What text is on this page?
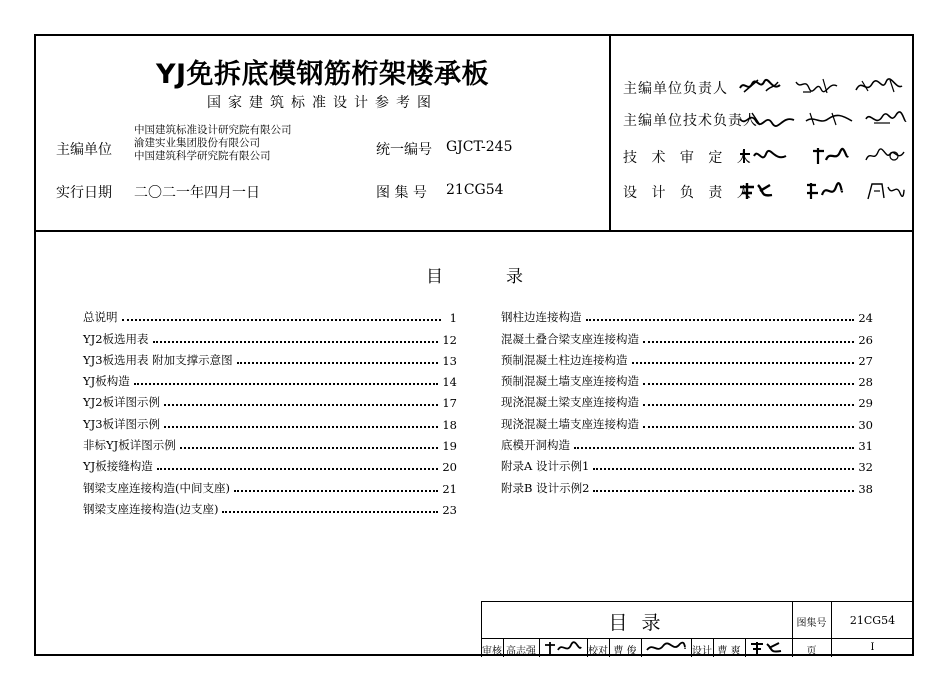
YJ免拆底模钢筋桁架楼承板
国家建筑标准设计参考图
主编单位
中国建筑标准设计研究院有限公司
渝建实业集团股份有限公司
中国建筑科学研究院有限公司	统一编号 GJCT-245
实行日期 二〇二一年四月一日	图 集 号 21CG54
主编单位负责人
主编单位技术负责人
技 术 审 定 人
设 计 负 责 人
目	录
总说明	1
YJ2板选用表	12
YJ3板选用表 附加支撑示意图	13
YJ板构造	14
YJ2板详图示例	17
YJ3板详图示例	18
非标YJ板详图示例	19
YJ板接缝构造	20
钢梁支座连接构造(中间支座)	21
钢梁支座连接构造(边支座)	23
钢柱边连接构造	24
混凝土叠合梁支座连接构造	26
预制混凝土柱边连接构造	27
预制混凝土墙支座连接构造	28
现浇混凝土梁支座连接构造	29
现浇混凝土墙支座连接构造	30
底模开洞构造	31
附录A 设计示例1	32
附录B 设计示例2	38
目 录	图集号	21CG54
审核 高志强	校对 曹 俊	设计 曹 爽	页	I
